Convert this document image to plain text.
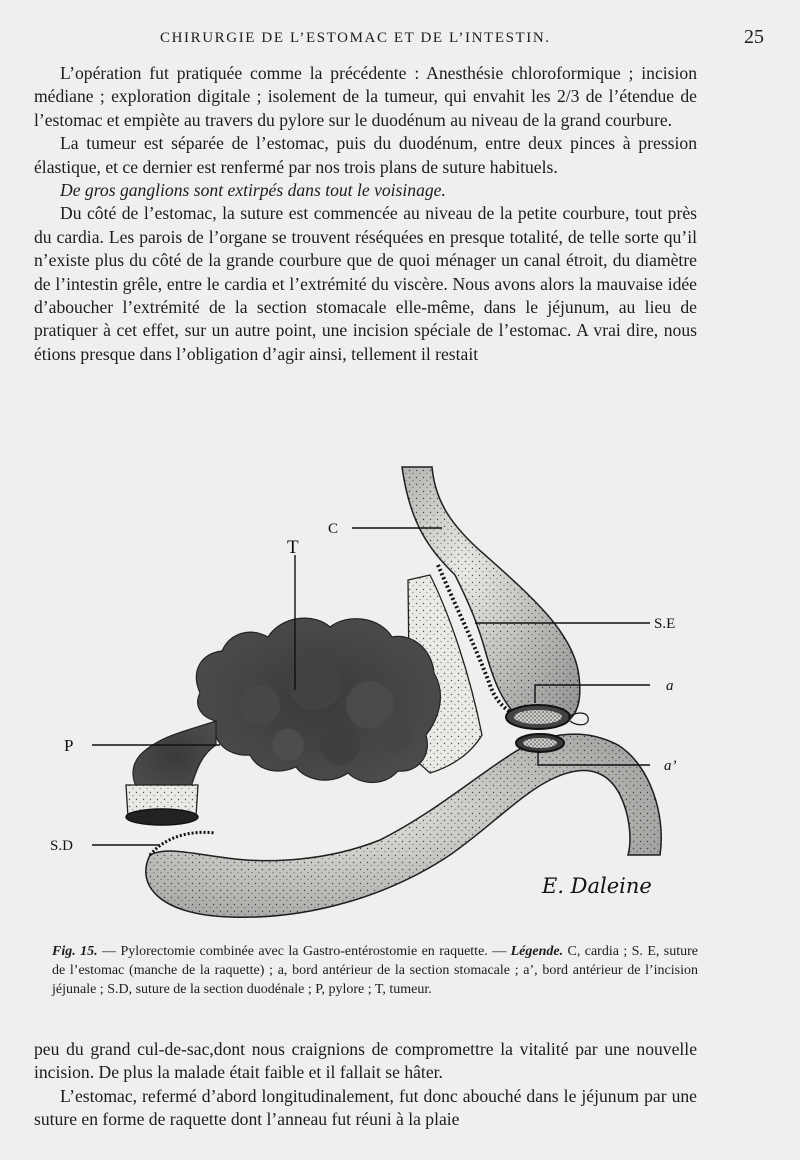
CHIRURGIE DE L’ESTOMAC ET DE L’INTESTIN.	25

L’opération fut pratiquée comme la précédente : Anesthésie chloroformique ; incision médiane ; exploration digitale ; isolement de la tumeur, qui envahit les 2/3 de l’étendue de l’estomac et empiète au travers du pylore sur le duodénum au niveau de la grand courbure.

La tumeur est séparée de l’estomac, puis du duodénum, entre deux pinces à pression élastique, et ce dernier est renfermé par nos trois plans de suture habituels.

De gros ganglions sont extirpés dans tout le voisinage.

Du côté de l’estomac, la suture est commencée au niveau de la petite courbure, tout près du cardia. Les parois de l’organe se trouvent réséquées en presque totalité, de telle sorte qu’il n’existe plus du côté de la grande courbure que de quoi ménager un canal étroit, du diamètre de l’intestin grêle, entre le cardia et l’extrémité du viscère. Nous avons alors la mauvaise idée d’aboucher l’extrémité de la section stomacale elle-même, dans le jéjunum, au lieu de pratiquer à cet effet, sur un autre point, une incision spéciale de l’estomac. A vrai dire, nous étions presque dans l’obligation d’agir ainsi, tellement il restait

C
T
S.E
a
a’
P
S.D
E. Daleine
Fig. 15. — Pylorectomie combinée avec la Gastro-entérostomie en raquette. — Légende. C, cardia ; S. E, suture de l’estomac (manche de la raquette) ; a, bord antérieur de la section stomacale ; a’, bord antérieur de l’incision jéjunale ; S.D, suture de la section duodénale ; P, pylore ; T, tumeur.

peu du grand cul-de-sac,dont nous craignions de compromettre la vitalité par une nouvelle incision. De plus la malade était faible et il fallait se hâter.

L’estomac, refermé d’abord longitudinalement, fut donc abouché dans le jéjunum par une suture en forme de raquette dont l’anneau fut réuni à la plaie
